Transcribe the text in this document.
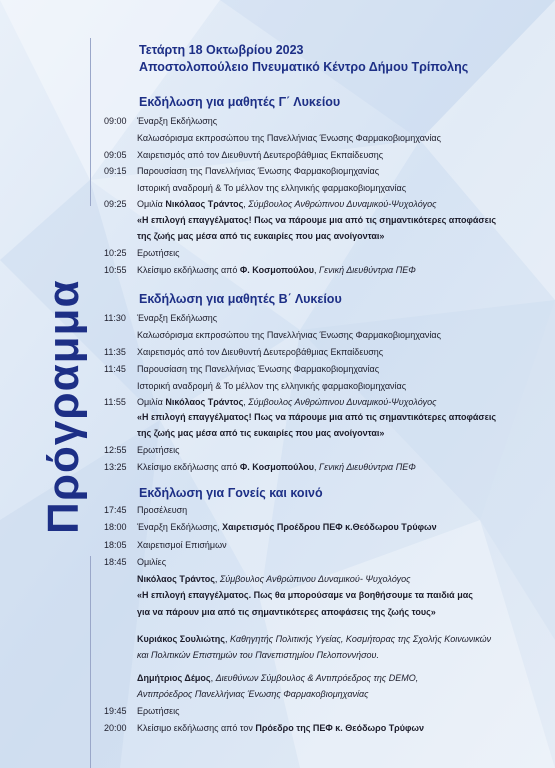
Πρόγραμμα
Τετάρτη 18 Οκτωβρίου 2023
Αποστολοπούλειο Πνευματικό Κέντρο Δήμου Τρίπολης
Εκδήλωση για μαθητές Γ΄ Λυκείου
09:00 Έναρξη Εκδήλωσης
Καλωσόρισμα εκπροσώπου της Πανελλήνιας Ένωσης Φαρμακοβιομηχανίας
09:05 Χαιρετισμός από τον Διευθυντή Δευτεροβάθμιας Εκπαίδευσης
09:15 Παρουσίαση της Πανελλήνιας Ένωσης Φαρμακοβιομηχανίας
Ιστορική αναδρομή & Το μέλλον της ελληνικής φαρμακοβιομηχανίας
09:25 Ομιλία Νικόλαος Τράντος, Σύμβουλος Ανθρώπινου Δυναμικού-Ψυχολόγος
«Η επιλογή επαγγέλματος! Πως να πάρουμε μια από τις σημαντικότερες αποφάσεις
της ζωής μας μέσα από τις ευκαιρίες που μας ανοίγονται»
10:25 Ερωτήσεις
10:55 Κλείσιμο εκδήλωσης από Φ. Κοσμοπούλου, Γενική Διευθύντρια ΠΕΦ
Εκδήλωση για μαθητές Β΄ Λυκείου
11:30 Έναρξη Εκδήλωσης
Καλωσόρισμα εκπροσώπου της Πανελλήνιας Ένωσης Φαρμακοβιομηχανίας
11:35 Χαιρετισμός από τον Διευθυντή Δευτεροβάθμιας Εκπαίδευσης
11:45 Παρουσίαση της Πανελλήνιας Ένωσης Φαρμακοβιομηχανίας
Ιστορική αναδρομή & Το μέλλον της ελληνικής φαρμακοβιομηχανίας
11:55 Ομιλία Νικόλαος Τράντος, Σύμβουλος Ανθρώπινου Δυναμικού-Ψυχολόγος
«Η επιλογή επαγγέλματος! Πως να πάρουμε μια από τις σημαντικότερες αποφάσεις
της ζωής μας μέσα από τις ευκαιρίες που μας ανοίγονται»
12:55 Ερωτήσεις
13:25 Κλείσιμο εκδήλωσης από Φ. Κοσμοπούλου, Γενική Διευθύντρια ΠΕΦ
Εκδήλωση για Γονείς και κοινό
17:45 Προσέλευση
18:00 Έναρξη Εκδήλωσης, Χαιρετισμός Προέδρου ΠΕΦ κ.Θεόδωρου Τρύφων
18:05 Χαιρετισμοί Επισήμων
18:45 Ομιλίες
Νικόλαος Τράντος, Σύμβουλος Ανθρώπινου Δυναμικού- Ψυχολόγος
«Η επιλογή επαγγέλματος. Πως θα μπορούσαμε να βοηθήσουμε τα παιδιά μας
για να πάρουν μια από τις σημαντικότερες αποφάσεις της ζωής τους»
Κυριάκος Σουλιώτης, Καθηγητής Πολιτικής Υγείας, Κοσμήτορας της Σχολής Κοινωνικών
και Πολιτικών Επιστημών του Πανεπιστημίου Πελοποννήσου.
Δημήτριος Δέμος, Διευθύνων Σύμβουλος & Αντιπρόεδρος της DEMO,
Αντιπρόεδρος Πανελλήνιας Ένωσης Φαρμακοβιομηχανίας
19:45 Ερωτήσεις
20:00 Κλείσιμο εκδήλωσης από τον Πρόεδρο της ΠΕΦ κ. Θεόδωρο Τρύφων
